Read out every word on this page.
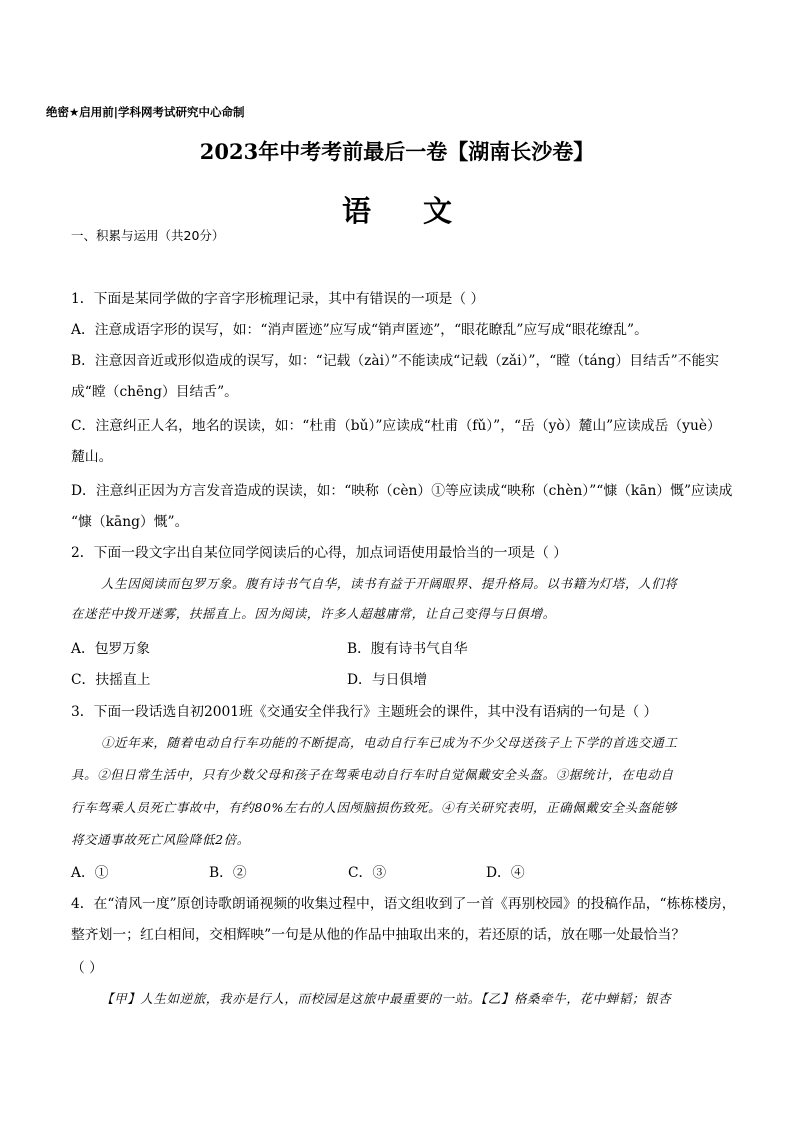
绝密★启用前|学科网考试研究中心命制
2023年中考考前最后一卷【湖南长沙卷】
语文
一、积累与运用（共20分）
1．下面是某同学做的字音字形梳理记录，其中有错误的一项是（ ）
A．注意成语字形的误写，如：“消声匿迹”应写成“销声匿迹”，“眼花瞭乱”应写成“眼花缭乱”。
B．注意因音近或形似造成的误写，如：“记载（zài）”不能读成“记载（zǎi）”，“瞠（táng）目结舌”不能实
成“瞠（chēng）目结舌”。
C．注意纠正人名，地名的误读，如：“杜甫（bǔ）”应读成“杜甫（fǔ）”，“岳（yò）麓山”应读成岳（yuè）
麓山。
D．注意纠正因为方言发音造成的误读，如：“映称（cèn）①等应读成“映称（chèn）”“慷（kān）慨”应读成
“慷（kāng）慨”。
2．下面一段文字出自某位同学阅读后的心得，加点词语使用最恰当的一项是（ ）
人生因阅读而包罗万象。腹有诗书气自华，读书有益于开阔眼界、提升格局。以书籍为灯塔，人们将
在迷茫中拨开迷雾，扶摇直上。因为阅读，许多人超越庸常，让自己变得与日俱增。
A．包罗万象	B．腹有诗书气自华
C．扶摇直上	D．与日俱增
3．下面一段话选自初2001班《交通安全伴我行》主题班会的课件，其中没有语病的一句是（ ）
①近年来，随着电动自行车功能的不断提高，电动自行车已成为不少父母送孩子上下学的首选交通工
具。②但日常生活中，只有少数父母和孩子在驾乘电动自行车时自觉佩戴安全头盔。③据统计，在电动自
行车驾乘人员死亡事故中，有约80%左右的人因颅脑损伤致死。④有关研究表明，正确佩戴安全头盔能够
将交通事故死亡风险降低2倍。
A．①	B．②	C．③	D．④
4．在“清风一度”原创诗歌朗诵视频的收集过程中，语文组收到了一首《再别校园》的投稿作品，“栋栋楼房，
整齐划一；红白相间，交相辉映”一句是从他的作品中抽取出来的，若还原的话，放在哪一处最恰当？
（ ）
【甲】人生如逆旅，我亦是行人，而校园是这旅中最重要的一站。【乙】格桑牵牛，花中蝉韬；银杏
